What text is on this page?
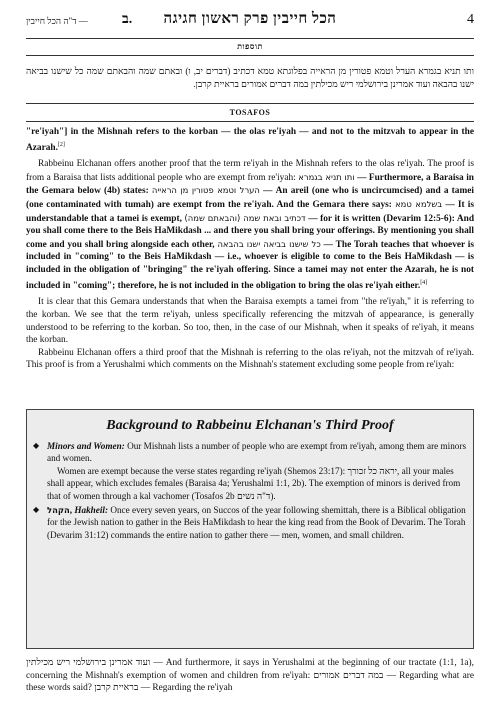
— ד"ה הכל חייבין ב.	הכל חייבין פרק ראשון חגיגה	4
תוספות
ותו תניא בגמרא הערל וטמא פטורין מן הראייה בפלוגתא טמא דכתיב (דברים יב, ו) ובאתם שמה והבאתם שמה כל שישנו בביאה ישנו בהבאה ועוד אמרינן בירושלמי ריש מכילתין במה דברים אמורים בראיית קרבן.
TOSAFOS

"re'iyah"] in the Mishnah refers to the korban — the olas re'iyah — and not to the mitzvah to appear in the Azarah.[2]

Rabbeinu Elchanan offers another proof that the term re'iyah in the Mishnah refers to the olas re'iyah. The proof is from a Baraisa that lists additional people who are exempt from re'iyah: ותו תניא בגמרא — Furthermore, a Baraisa in the Gemara below (4b) states: הערל וטמא פטורין מן הראייה — An areil (one who is uncircumcised) and a tamei (one contaminated with tumah) are exempt from the re'iyah. And the Gemara there says: בשלמא טמא — It is understandable that a tamei is exempt, דכתיב ובאת שמה (והבאתם שמה) — for it is written (Devarim 12:5-6): And you shall come there to the Beis HaMikdash ... and there you shall bring your offerings. By mentioning you shall come and you shall bring alongside each other, כל שישנו בביאה ישנו בהבאה — The Torah teaches that whoever is included in "coming" to the Beis HaMikdash — i.e., whoever is eligible to come to the Beis HaMikdash — is included in the obligation of "bringing" the re'iyah offering. Since a tamei may not enter the Azarah, he is not included in "coming"; therefore, he is not included in the obligation to bring the olas re'iyah either.[4]

It is clear that this Gemara understands that when the Baraisa exempts a tamei from "the re'iyah," it is referring to the korban. We see that the term re'iyah, unless specifically referencing the mitzvah of appearance, is generally understood to be referring to the korban. So too, then, in the case of our Mishnah, when it speaks of re'iyah, it means the korban.

Rabbeinu Elchanan offers a third proof that the Mishnah is referring to the olas re'iyah, not the mitzvah of re'iyah. This proof is from a Yerushalmi which comments on the Mishnah's statement excluding some people from re'iyah:

Background to Rabbeinu Elchanan's Third Proof

◆ Minors and Women: Our Mishnah lists a number of people who are exempt from re'iyah, among them are minors and women.

Women are exempt because the verse states regarding re'iyah (Shemos 23:17): יראה כל זכורך, all your males shall appear, which excludes females (Baraisa 4a; Yerushalmi 1:1, 2b). The exemption of minors is derived from that of women through a kal vachomer (Tosafos 2b ד"ה נשים).

◆ הקהל, Hakheil: Once every seven years, on Succos of the year following shemittah, there is a Biblical obligation for the Jewish nation to gather in the Beis HaMikdash to hear the king read from the Book of Devarim. The Torah (Devarim 31:12) commands the entire nation to gather there — men, women, and small children.

ועוד אמרינן בירושלמי ריש מכילתין — And furthermore, it says in Yerushalmi at the beginning of our tractate (1:1, 1a), concerning the Mishnah's exemption of women and children from re'iyah: במה דברים אמורים — Regarding what are these words said? בראיית קרבן — Regarding the re'iyah
